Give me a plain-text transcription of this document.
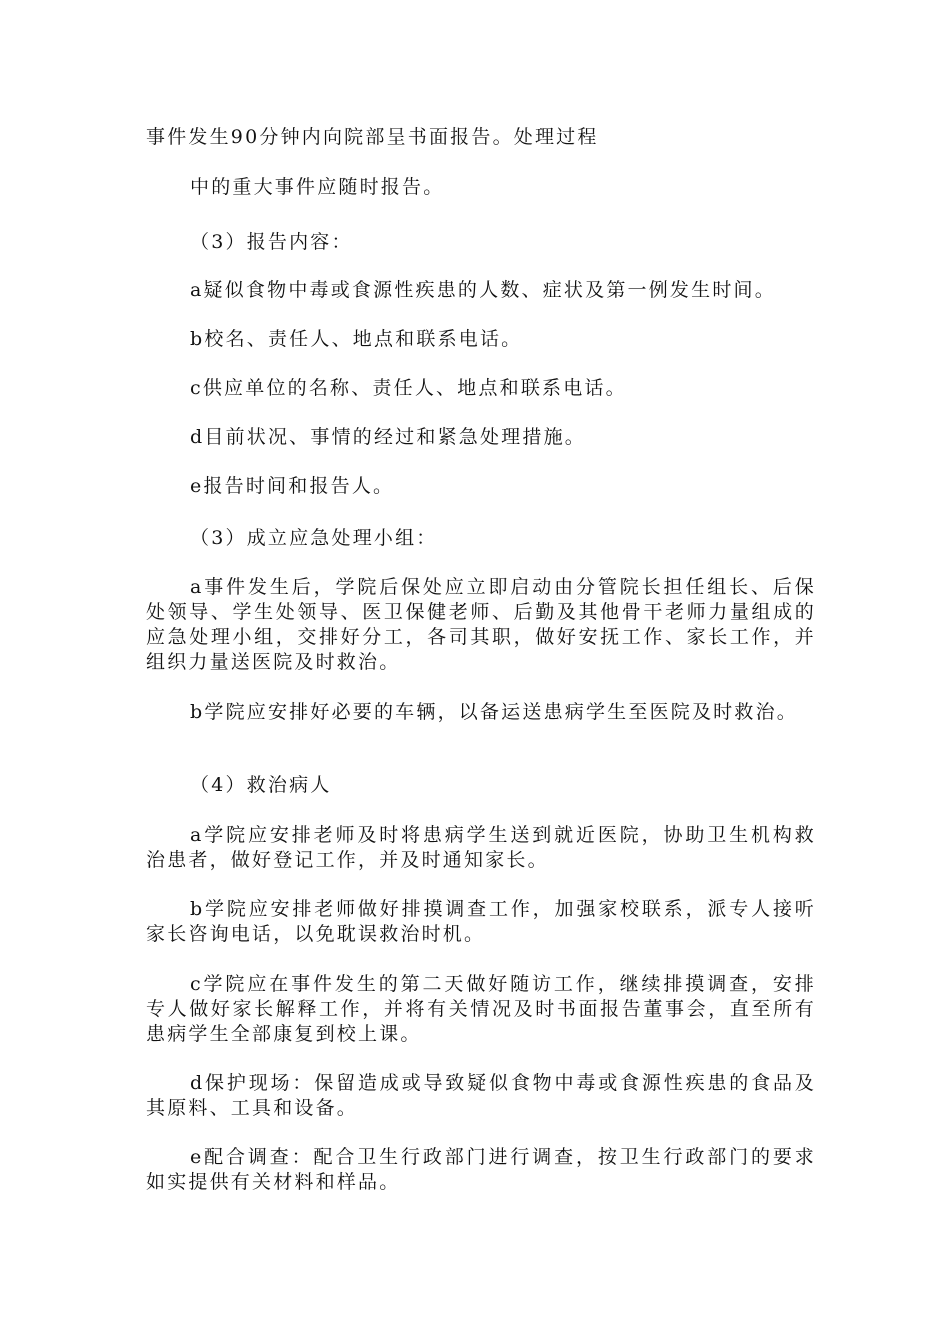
事件发生90分钟内向院部呈书面报告。处理过程

中的重大事件应随时报告。

（3）报告内容：

a疑似食物中毒或食源性疾患的人数、症状及第一例发生时间。

b校名、责任人、地点和联系电话。

c供应单位的名称、责任人、地点和联系电话。

d目前状况、事情的经过和紧急处理措施。

e报告时间和报告人。

（3）成立应急处理小组：

a事件发生后，学院后保处应立即启动由分管院长担任组长、后保处领导、学生处领导、医卫保健老师、后勤及其他骨干老师力量组成的应急处理小组，交排好分工，各司其职，做好安抚工作、家长工作，并组织力量送医院及时救治。

b学院应安排好必要的车辆，以备运送患病学生至医院及时救治。

（4）救治病人

a学院应安排老师及时将患病学生送到就近医院，协助卫生机构救治患者，做好登记工作，并及时通知家长。

b学院应安排老师做好排摸调查工作，加强家校联系，派专人接听家长咨询电话，以免耽误救治时机。

c学院应在事件发生的第二天做好随访工作，继续排摸调查，安排专人做好家长解释工作，并将有关情况及时书面报告董事会，直至所有患病学生全部康复到校上课。

d保护现场：保留造成或导致疑似食物中毒或食源性疾患的食品及其原料、工具和设备。

e配合调查：配合卫生行政部门进行调查，按卫生行政部门的要求如实提供有关材料和样品。
